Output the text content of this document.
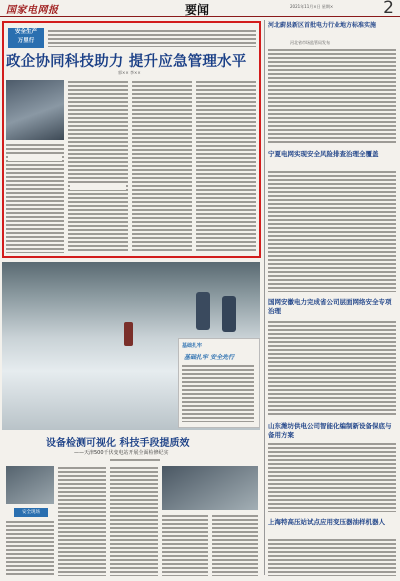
国家电网报	要闻	2021年11月×日 星期×	2
安全生产
万里行
政企协同科技助力 提升应急管理水平
郭×× 李××
河北蔚县新区首批电力行业地方标准实施
河北省市场监管局发布
宁夏电网实现安全风险排查治理全覆盖
国网安徽电力完成省公司层面网络安全专项治理
山东潍坊供电公司智能化编制新设备保底与备用方案
上海特高压站试点应用变压器油样机器人
基础扎牢
基础扎牢 安全先行
设备检测可视化 科技手段提质效
——天津500千伏变电站开展全面检修纪实
安全现场
